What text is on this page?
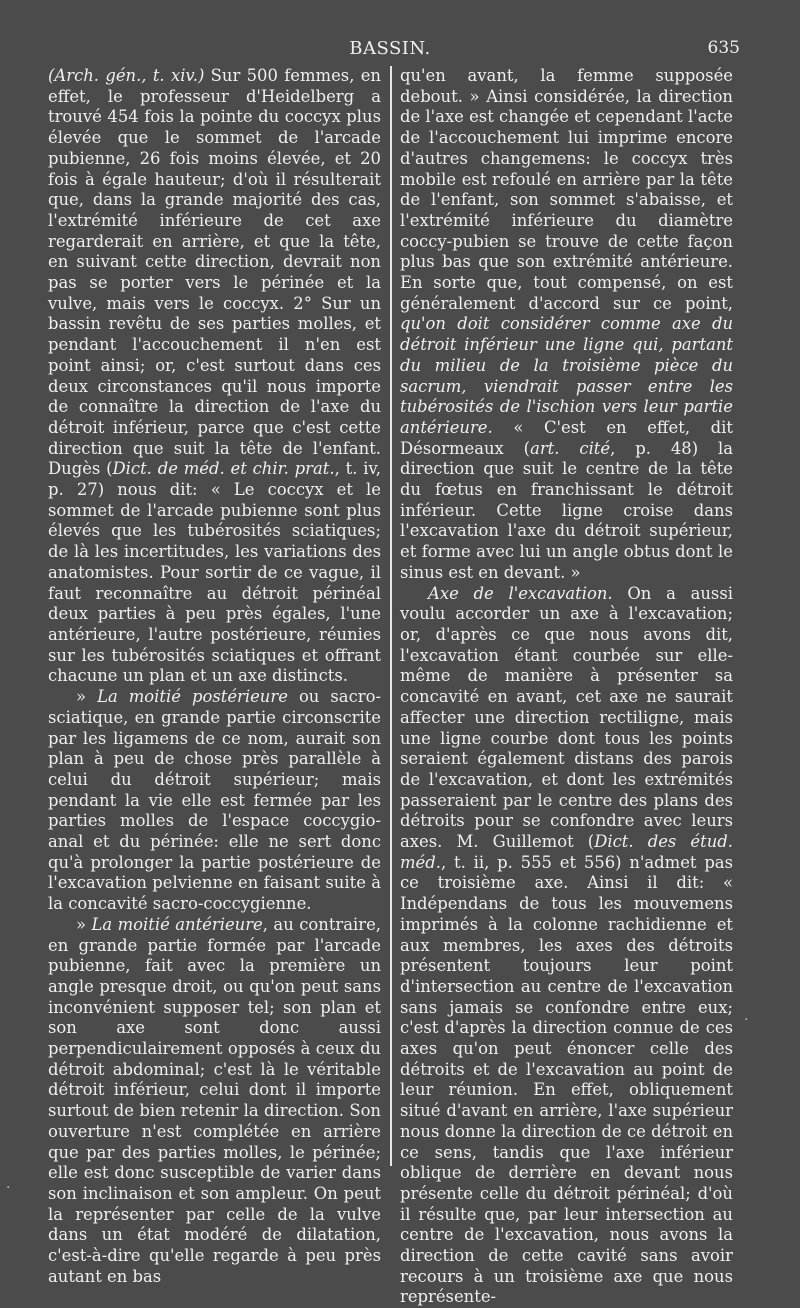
BASSIN.	635

(Arch. gén., t. xiv.) Sur 500 femmes, en effet, le professeur d'Heidelberg a trouvé 454 fois la pointe du coccyx plus élevée que le sommet de l'arcade pubienne, 26 fois moins élevée, et 20 fois à égale hauteur; d'où il résulterait que, dans la grande majorité des cas, l'extrémité inférieure de cet axe regarderait en arrière, et que la tête, en suivant cette direction, devrait non pas se porter vers le périnée et la vulve, mais vers le coccyx. 2° Sur un bassin revêtu de ses parties molles, et pendant l'accouchement il n'en est point ainsi; or, c'est surtout dans ces deux circonstances qu'il nous importe de connaître la direction de l'axe du détroit inférieur, parce que c'est cette direction que suit la tête de l'enfant. Dugès (Dict. de méd. et chir. prat., t. iv, p. 27) nous dit: « Le coccyx et le sommet de l'arcade pubienne sont plus élevés que les tubérosités sciatiques; de là les incertitudes, les variations des anatomistes. Pour sortir de ce vague, il faut reconnaître au détroit périnéal deux parties à peu près égales, l'une antérieure, l'autre postérieure, réunies sur les tubérosités sciatiques et offrant chacune un plan et un axe distincts.

» La moitié postérieure ou sacro-sciatique, en grande partie circonscrite par les ligamens de ce nom, aurait son plan à peu de chose près parallèle à celui du détroit supérieur; mais pendant la vie elle est fermée par les parties molles de l'espace coccygio-anal et du périnée: elle ne sert donc qu'à prolonger la partie postérieure de l'excavation pelvienne en faisant suite à la concavité sacro-coccygienne.

» La moitié antérieure, au contraire, en grande partie formée par l'arcade pubienne, fait avec la première un angle presque droit, ou qu'on peut sans inconvénient supposer tel; son plan et son axe sont donc aussi perpendiculairement opposés à ceux du détroit abdominal; c'est là le véritable détroit inférieur, celui dont il importe surtout de bien retenir la direction. Son ouverture n'est complétée en arrière que par des parties molles, le périnée; elle est donc susceptible de varier dans son inclinaison et son ampleur. On peut la représenter par celle de la vulve dans un état modéré de dilatation, c'est-à-dire qu'elle regarde à peu près autant en bas

qu'en avant, la femme supposée debout. » Ainsi considérée, la direction de l'axe est changée et cependant l'acte de l'accouchement lui imprime encore d'autres changemens: le coccyx très mobile est refoulé en arrière par la tête de l'enfant, son sommet s'abaisse, et l'extrémité inférieure du diamètre coccy-pubien se trouve de cette façon plus bas que son extrémité antérieure. En sorte que, tout compensé, on est généralement d'accord sur ce point, qu'on doit considérer comme axe du détroit inférieur une ligne qui, partant du milieu de la troisième pièce du sacrum, viendrait passer entre les tubérosités de l'ischion vers leur partie antérieure. « C'est en effet, dit Désormeaux (art. cité, p. 48) la direction que suit le centre de la tête du fœtus en franchissant le détroit inférieur. Cette ligne croise dans l'excavation l'axe du détroit supérieur, et forme avec lui un angle obtus dont le sinus est en devant. »

Axe de l'excavation. On a aussi voulu accorder un axe à l'excavation; or, d'après ce que nous avons dit, l'excavation étant courbée sur elle-même de manière à présenter sa concavité en avant, cet axe ne saurait affecter une direction rectiligne, mais une ligne courbe dont tous les points seraient également distans des parois de l'excavation, et dont les extrémités passeraient par le centre des plans des détroits pour se confondre avec leurs axes. M. Guillemot (Dict. des étud. méd., t. ii, p. 555 et 556) n'admet pas ce troisième axe. Ainsi il dit: « Indépendans de tous les mouvemens imprimés à la colonne rachidienne et aux membres, les axes des détroits présentent toujours leur point d'intersection au centre de l'excavation sans jamais se confondre entre eux; c'est d'après la direction connue de ces axes qu'on peut énoncer celle des détroits et de l'excavation au point de leur réunion. En effet, obliquement situé d'avant en arrière, l'axe supérieur nous donne la direction de ce détroit en ce sens, tandis que l'axe inférieur oblique de derrière en devant nous présente celle du détroit périnéal; d'où il résulte que, par leur intersection au centre de l'excavation, nous avons la direction de cette cavité sans avoir recours à un troisième axe que nous représente-

·
·
